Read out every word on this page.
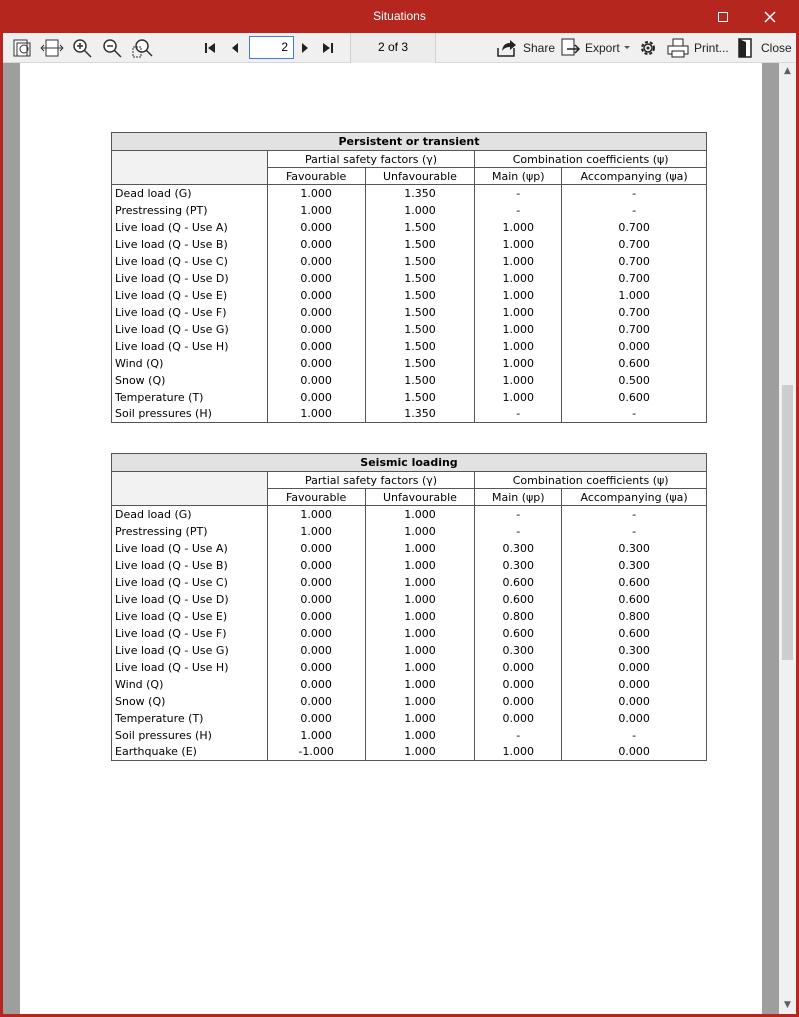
Situations
2	2 of 3	Share Export	Print...	Close
Persistent or transient				
	Partial safety factors (γ)		Combination coefficients (ψ)	
	Favourable	Unfavourable	Main (ψp)	Accompanying (ψa)
Dead load (G)	1.000	1.350	-	-
Prestressing (PT)	1.000	1.000	-	-
Live load (Q - Use A)	0.000	1.500	1.000	0.700
Live load (Q - Use B)	0.000	1.500	1.000	0.700
Live load (Q - Use C)	0.000	1.500	1.000	0.700
Live load (Q - Use D)	0.000	1.500	1.000	0.700
Live load (Q - Use E)	0.000	1.500	1.000	1.000
Live load (Q - Use F)	0.000	1.500	1.000	0.700
Live load (Q - Use G)	0.000	1.500	1.000	0.700
Live load (Q - Use H)	0.000	1.500	1.000	0.000
Wind (Q)	0.000	1.500	1.000	0.600
Snow (Q)	0.000	1.500	1.000	0.500
Temperature (T)	0.000	1.500	1.000	0.600
Soil pressures (H)	1.000	1.350	-	-
Seismic loading				
	Partial safety factors (γ)		Combination coefficients (ψ)	
	Favourable	Unfavourable	Main (ψp)	Accompanying (ψa)
Dead load (G)	1.000	1.000	-	-
Prestressing (PT)	1.000	1.000	-	-
Live load (Q - Use A)	0.000	1.000	0.300	0.300
Live load (Q - Use B)	0.000	1.000	0.300	0.300
Live load (Q - Use C)	0.000	1.000	0.600	0.600
Live load (Q - Use D)	0.000	1.000	0.600	0.600
Live load (Q - Use E)	0.000	1.000	0.800	0.800
Live load (Q - Use F)	0.000	1.000	0.600	0.600
Live load (Q - Use G)	0.000	1.000	0.300	0.300
Live load (Q - Use H)	0.000	1.000	0.000	0.000
Wind (Q)	0.000	1.000	0.000	0.000
Snow (Q)	0.000	1.000	0.000	0.000
Temperature (T)	0.000	1.000	0.000	0.000
Soil pressures (H)	1.000	1.000	-	-
Earthquake (E)	-1.000	1.000	1.000	0.000
▲
▼
